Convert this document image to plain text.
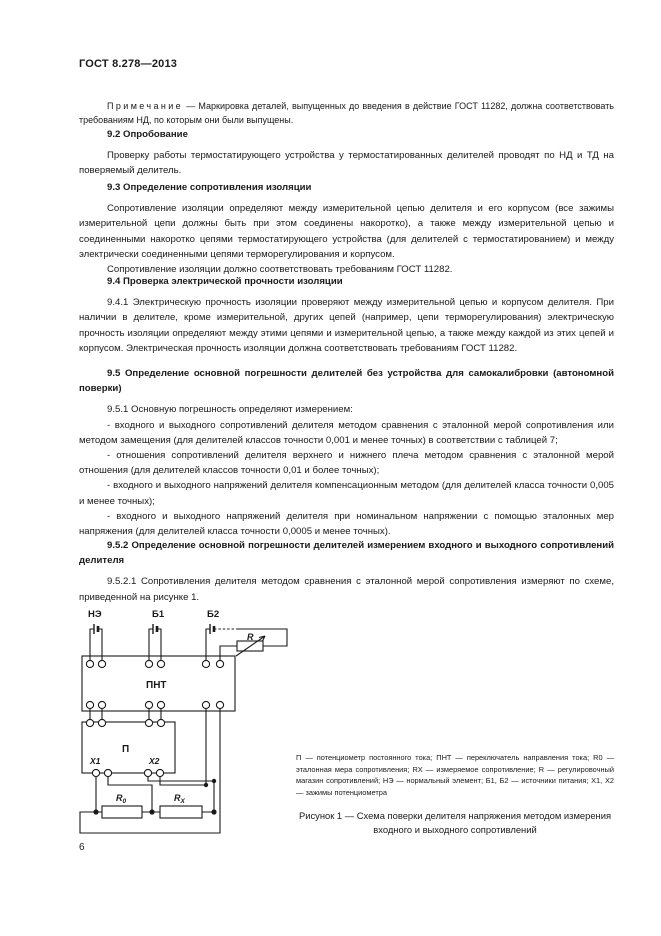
ГОСТ 8.278—2013

Примечание — Маркировка деталей, выпущенных до введения в действие ГОСТ 11282, должна соответствовать требованиям НД, по которым они были выпущены.

9.2 Опробование

Проверку работы термостатирующего устройства у термостатированных делителей проводят по НД и ТД на поверяемый делитель.

9.3 Определение сопротивления изоляции

Сопротивление изоляции определяют между измерительной цепью делителя и его корпусом (все зажимы измерительной цепи должны быть при этом соединены накоротко), а также между измерительной цепью и соединенными накоротко цепями термостатирующего устройства (для делителей с термостатированием) и между электрически соединенными цепями терморегулирования и корпусом.

Сопротивление изоляции должно соответствовать требованиям ГОСТ 11282.

9.4 Проверка электрической прочности изоляции

9.4.1 Электрическую прочность изоляции проверяют между измерительной цепью и корпусом делителя. При наличии в делителе, кроме измерительной, других цепей (например, цепи терморегулирования) электрическую прочность изоляции определяют между этими цепями и измерительной цепью, а также между каждой из этих цепей и корпусом. Электрическая прочность изоляции должна соответствовать требованиям ГОСТ 11282.

9.5 Определение основной погрешности делителей без устройства для самокалибровки (автономной поверки)

9.5.1 Основную погрешность определяют измерением:

- входного и выходного сопротивлений делителя методом сравнения с эталонной мерой сопротивления или методом замещения (для делителей классов точности 0,001 и менее точных) в соответствии с таблицей 7;

- отношения сопротивлений делителя верхнего и нижнего плеча методом сравнения с эталонной мерой отношения (для делителей классов точности 0,01 и более точных);

- входного и выходного напряжений делителя компенсационным методом (для делителей класса точности 0,005 и менее точных);

- входного и выходного напряжений делителя при номинальном напряжении с помощью эталонных мер напряжения (для делителей класса точности 0,0005 и менее точных).

9.5.2 Определение основной погрешности делителей измерением входного и выходного сопротивлений делителя

9.5.2.1 Сопротивления делителя методом сравнения с эталонной мерой сопротивления измеряют по схеме, приведенной на рисунке 1.

НЭ	Б1	Б2
R
ПНТ
П
X1	X2
$R_0$	$R_X$
П — потенциометр постоянного тока; ПНТ — переключатель направления тока; R0 — эталонная мера сопротивления; RX — измеряемое сопротивление; R — регулировочный магазин сопротивлений; НЭ — нормальный элемент; Б1, Б2 — источники питания; X1, X2 — зажимы потенциометра
Рисунок 1 — Схема поверки делителя напряжения методом измерения входного и выходного сопротивлений
6
